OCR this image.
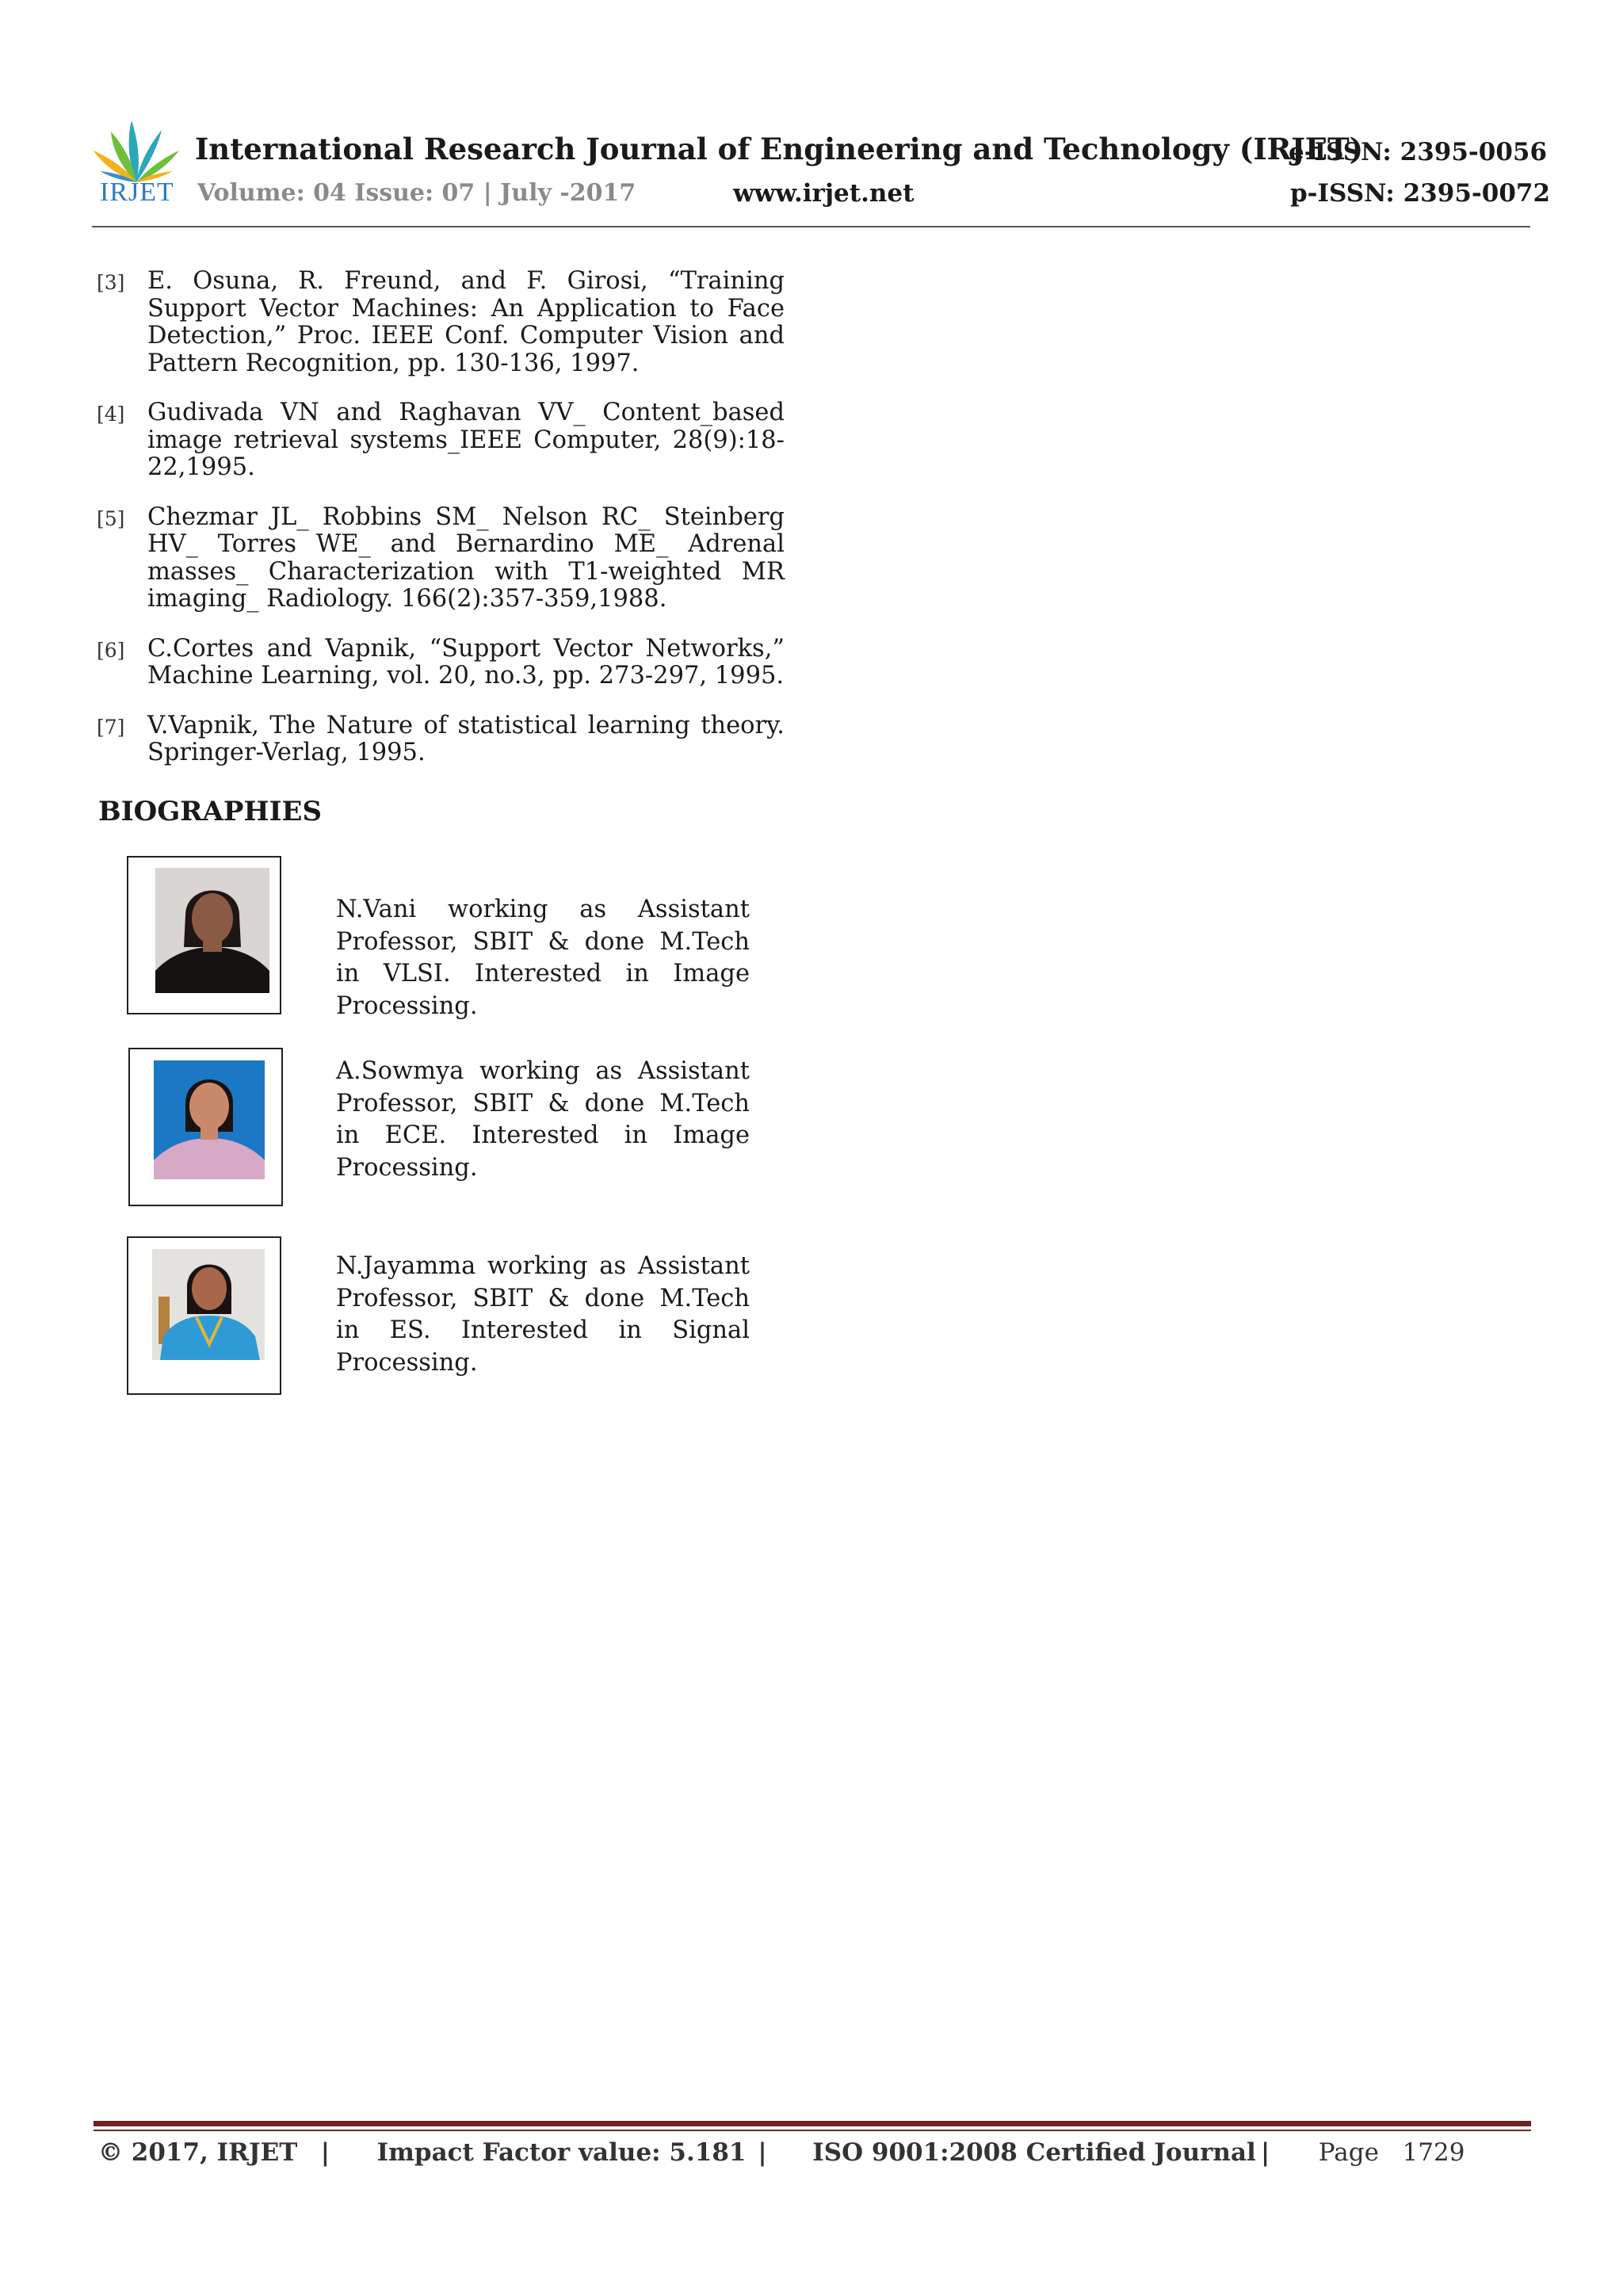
IRJET
International Research Journal of Engineering and Technology (IRJET)
e-ISSN: 2395-0056
Volume: 04 Issue: 07 | July -2017	www.irjet.net	p-ISSN: 2395-0072
[3] E. Osuna, R. Freund, and F. Girosi, “Training Support Vector Machines: An Application to Face Detection,” Proc. IEEE Conf. Computer Vision and Pattern Recognition, pp. 130-136, 1997.
[4] Gudivada VN and Raghavan VV_ Content_based image retrieval systems_IEEE Computer, 28(9):18-22,1995.
[5] Chezmar JL_ Robbins SM_ Nelson RC_ Steinberg HV_ Torres WE_ and Bernardino ME_ Adrenal masses_ Characterization with T1-weighted MR imaging_ Radiology. 166(2):357-359,1988.
[6] C.Cortes and Vapnik, “Support Vector Networks,” Machine Learning, vol. 20, no.3, pp. 273-297, 1995.
[7] V.Vapnik, The Nature of statistical learning theory. Springer-Verlag, 1995.
BIOGRAPHIES
N.Vani working as Assistant Professor, SBIT & done M.Tech in VLSI. Interested in Image Processing.
A.Sowmya working as Assistant Professor, SBIT & done M.Tech in ECE. Interested in Image Processing.
N.Jayamma working as Assistant Professor, SBIT & done M.Tech in ES. Interested in Signal Processing.
© 2017, IRJET | Impact Factor value: 5.181 | ISO 9001:2008 Certified Journal | Page 1729
